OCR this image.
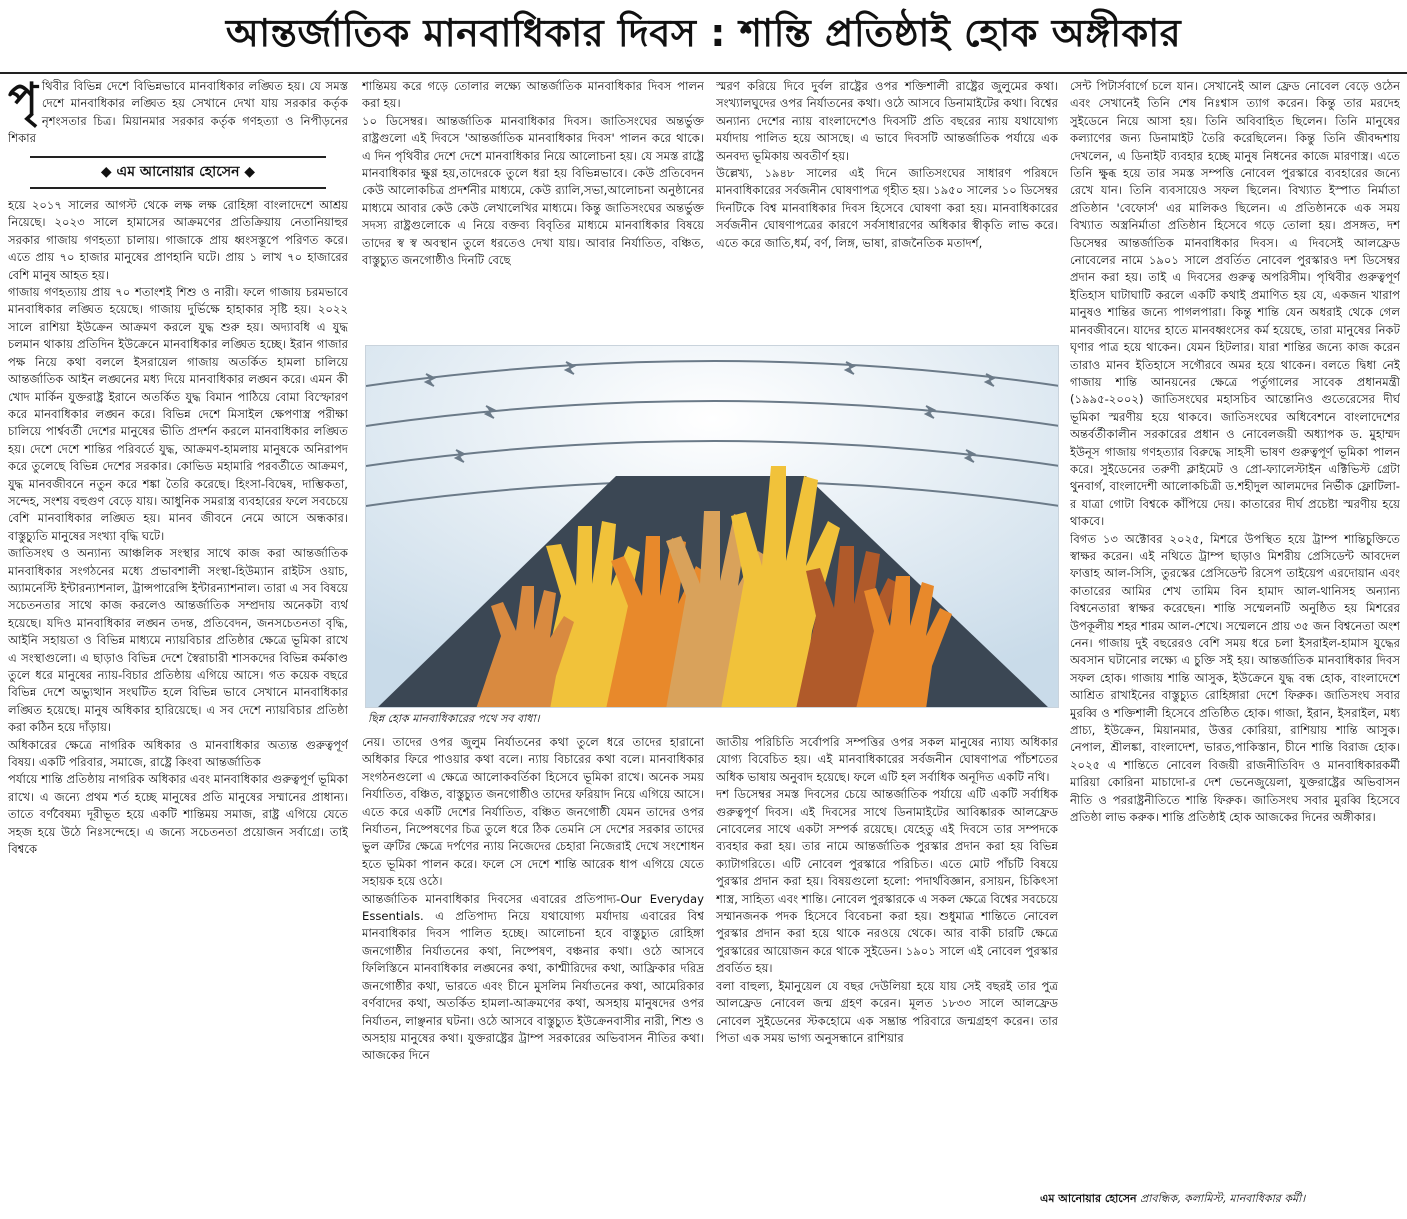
আন্তর্জাতিক মানবাধিকার দিবস : শান্তি প্রতিষ্ঠাই হোক অঙ্গীকার

পৃথিবীর বিভিন্ন দেশে বিভিন্নভাবে মানবাধিকার লঙ্ঘিত হয়। যে সমস্ত দেশে মানবাধিকার লঙ্ঘিত হয় সেখানে দেখা যায় সরকার কর্তৃক নৃশংসতার চিত্র। মিয়ানমার সরকার কর্তৃক গণহত্যা ও নিপীড়নের শিকার

◆ এম আনোয়ার হোসেন ◆

হয়ে ২০১৭ সালের আগস্ট থেকে লক্ষ লক্ষ রোহিঙ্গা বাংলাদেশে আশ্রয় নিয়েছে। ২০২৩ সালে হামাসের আক্রমণের প্রতিক্রিয়ায় নেতানিয়াহুর সরকার গাজায় গণহত্যা চালায়। গাজাকে প্রায় ধ্বংসস্তূপে পরিণত করে। এতে প্রায় ৭০ হাজার মানুষের প্রাণহানি ঘটে। প্রায় ১ লাখ ৭০ হাজারের বেশি মানুষ আহত হয়।

গাজায় গণহত্যায় প্রায় ৭০ শতাংশই শিশু ও নারী। ফলে গাজায় চরমভাবে মানবাধিকার লঙ্ঘিত হয়েছে। গাজায় দুর্ভিক্ষে হাহাকার সৃষ্টি হয়। ২০২২ সালে রাশিয়া ইউক্রেন আক্রমণ করলে যুদ্ধ শুরু হয়। অদ্যাবধি এ যুদ্ধ চলমান থাকায় প্রতিদিন ইউক্রেনে মানবাধিকার লঙ্ঘিত হচ্ছে। ইরান গাজার পক্ষ নিয়ে কথা বললে ইসরায়েল গাজায় অতর্কিত হামলা চালিয়ে আন্তর্জাতিক আইন লঙ্ঘনের মধ্য দিয়ে মানবাধিকার লঙ্ঘন করে। এমন কী খোদ মার্কিন যুক্তরাষ্ট্র ইরানে অতর্কিত যুদ্ধ বিমান পাঠিয়ে বোমা বিস্ফোরণ করে মানবাধিকার লঙ্ঘন করে। বিভিন্ন দেশে মিসাইল ক্ষেপণাস্ত্র পরীক্ষা চালিয়ে পার্শ্ববর্তী দেশের মানুষের ভীতি প্রদর্শন করলে মানবাধিকার লঙ্ঘিত হয়। দেশে দেশে শান্তির পরিবর্তে যুদ্ধ, আক্রমণ-হামলায় মানুষকে অনিরাপদ করে তুলেছে বিভিন্ন দেশের সরকার। কোভিড মহামারি পরবর্তীতে আক্রমণ, যুদ্ধ মানবজীবনে নতুন করে শঙ্কা তৈরি করেছে। হিংসা-বিদ্বেষ, দাম্ভিকতা, সন্দেহ, সংশয় বহুগুণ বেড়ে যায়। আধুনিক সমরাস্ত্র ব্যবহারের ফলে সবচেয়ে বেশি মানবাধিকার লঙ্ঘিত হয়। মানব জীবনে নেমে আসে অন্ধকার। বাস্তুচ্যুতি মানুষের সংখ্যা বৃদ্ধি ঘটে।

জাতিসংঘ ও অন্যান্য আঞ্চলিক সংস্থার সাথে কাজ করা আন্তর্জাতিক মানবাধিকার সংগঠনের মধ্যে প্রভাবশালী সংস্থা-হিউম্যান রাইটস ওয়াচ, অ্যামনেস্টি ইন্টারন্যাশনাল, ট্রান্সপারেন্সি ইন্টারন্যাশনাল। তারা এ সব বিষয়ে সচেতনতার সাথে কাজ করলেও আন্তর্জাতিক সম্প্রদায় অনেকটা ব্যর্থ হয়েছে। যদিও মানবাধিকার লঙ্ঘন তদন্ত, প্রতিবেদন, জনসচেতনতা বৃদ্ধি, আইনি সহায়তা ও বিভিন্ন মাধ্যমে ন্যায়বিচার প্রতিষ্ঠার ক্ষেত্রে ভূমিকা রাখে এ সংস্থাগুলো। এ ছাড়াও বিভিন্ন দেশে স্বৈরাচারী শাসকদের বিভিন্ন কর্মকাণ্ড তুলে ধরে মানুষের ন্যায়-বিচার প্রতিষ্ঠায় এগিয়ে আসে। গত কয়েক বছরে বিভিন্ন দেশে অভ্যুত্থান সংঘটিত হলে বিভিন্ন ভাবে সেখানে মানবাধিকার লঙ্ঘিত হয়েছে। মানুষ অধিকার হারিয়েছে। এ সব দেশে ন্যায়বিচার প্রতিষ্ঠা করা কঠিন হয়ে দাঁড়ায়।

অধিকারের ক্ষেত্রে নাগরিক অধিকার ও মানবাধিকার অত্যন্ত গুরুত্বপূর্ণ বিষয়। একটি পরিবার, সমাজে, রাষ্ট্রে কিংবা আন্তর্জাতিক

পর্যায়ে শান্তি প্রতিষ্ঠায় নাগরিক অধিকার এবং মানবাধিকার গুরুত্বপূর্ণ ভূমিকা রাখে। এ জন্যে প্রথম শর্ত হচ্ছে মানুষের প্রতি মানুষের সম্মানের প্রাধান্য। তাতে বর্ণবৈষম্য দূরীভূত হয়ে একটি শান্তিময় সমাজ, রাষ্ট্র এগিয়ে যেতে সহজ হয়ে উঠে নিঃসন্দেহে। এ জন্যে সচেতনতা প্রয়োজন সর্বাগ্রে। তাই বিশ্বকে

শান্তিময় করে গড়ে তোলার লক্ষ্যে আন্তর্জাতিক মানবাধিকার দিবস পালন করা হয়।

১০ ডিসেম্বর। আন্তর্জাতিক মানবাধিকার দিবস। জাতিসংঘের অন্তর্ভুক্ত রাষ্ট্রগুলো এই দিবসে 'আন্তর্জাতিক মানবাধিকার দিবস' পালন করে থাকে। এ দিন পৃথিবীর দেশে দেশে মানবাধিকার নিয়ে আলোচনা হয়। যে সমস্ত রাষ্ট্রে মানবাধিকার ক্ষুণ্ণ হয়,তাদেরকে তুলে ধরা হয় বিভিন্নভাবে। কেউ প্রতিবেদন কেউ আলোকচিত্র প্রদর্শনীর মাধ্যমে, কেউ র‍্যালি,সভা,আলোচনা অনুষ্ঠানের মাধ্যমে আবার কেউ কেউ লেখালেখির মাধ্যমে। কিন্তু জাতিসংঘের অন্তর্ভুক্ত সদস্য রাষ্ট্রগুলোকে এ নিয়ে বক্তব্য বিবৃতির মাধ্যমে মানবাধিকার বিষয়ে তাদের স্ব স্ব অবস্থান তুলে ধরতেও দেখা যায়। আবার নির্যাতিত, বঞ্চিত, বাস্তুচ্যুত জনগোষ্ঠীও দিনটি বেছে

স্মরণ করিয়ে দিবে দুর্বল রাষ্ট্রের ওপর শক্তিশালী রাষ্ট্রের জুলুমের কথা। সংখ্যালঘুদের ওপর নির্যাতনের কথা। ওঠে আসবে ডিনামাইটের কথা। বিশ্বের অন্যান্য দেশের ন্যায় বাংলাদেশেও দিবসটি প্রতি বছরের ন্যায় যথাযোগ্য মর্যাদায় পালিত হয়ে আসছে। এ ভাবে দিবসটি আন্তর্জাতিক পর্যায়ে এক অনবদ্য ভূমিকায় অবতীর্ণ হয়।

উল্লেখ্য, ১৯৪৮ সালের এই দিনে জাতিসংঘের সাধারণ পরিষদে মানবাধিকারের সর্বজনীন ঘোষণাপত্র গৃহীত হয়। ১৯৫০ সালের ১০ ডিসেম্বর দিনটিকে বিশ্ব মানবাধিকার দিবস হিসেবে ঘোষণা করা হয়। মানবাধিকারের সর্বজনীন ঘোষণাপত্রের কারণে সর্বসাধারণের অধিকার স্বীকৃতি লাভ করে। এতে করে জাতি,ধর্ম, বর্ণ, লিঙ্গ, ভাষা, রাজনৈতিক মতাদর্শ,

সেন্ট পিটার্সবার্গে চলে যান। সেখানেই আল ফ্রেড নোবেল বেড়ে ওঠেন এবং সেখানেই তিনি শেষ নিঃশ্বাস ত্যাগ করেন। কিন্তু তার মরদেহ সুইডেনে নিয়ে আসা হয়। তিনি অবিবাহিত ছিলেন। তিনি মানুষের কল্যাণের জন্য ডিনামাইট তৈরি করেছিলেন। কিন্তু তিনি জীবদ্দশায় দেখলেন, এ ডিনাইট ব্যবহার হচ্ছে মানুষ নিধনের কাজে মারণাস্ত্র। এতে তিনি ক্ষুব্ধ হয়ে তার সমস্ত সম্পত্তি নোবেল পুরস্কারে ব্যবহারের জন্যে রেখে যান। তিনি ব্যবসায়েও সফল ছিলেন। বিখ্যাত ইস্পাত নির্মাতা প্রতিষ্ঠান 'বেফোর্স' এর মালিকও ছিলেন। এ প্রতিষ্ঠানকে এক সময় বিখ্যাত অস্ত্রনির্মাতা প্রতিষ্ঠান হিসেবে গড়ে তোলা হয়। প্রসঙ্গত, দশ ডিসেম্বর আন্তর্জাতিক মানবাধিকার দিবস। এ দিবসেই আলফ্রেড নোবেলের নামে ১৯০১ সালে প্রবর্তিত নোবেল পুরস্কারও দশ ডিসেম্বর প্রদান করা হয়। তাই এ দিবসের গুরুত্ব অপরিসীম। পৃথিবীর গুরুত্বপূর্ণ ইতিহাস ঘাটাঘাটি করলে একটি কথাই প্রমাণিত হয় যে, একজন খারাপ মানুষও শান্তির জন্যে পাগলপারা। কিন্তু শান্তি যেন অধরাই থেকে গেল মানবজীবনে। যাদের হাতে মানবধ্বংসের কর্ম হয়েছে, তারা মানুষের নিকট ঘৃণার পাত্র হয়ে থাকেন। যেমন হিটলার। যারা শান্তির জন্যে কাজ করেন তারাও মানব ইতিহাসে সগৌরবে অমর হয়ে থাকেন। বলতে দ্বিধা নেই গাজায় শান্তি আনয়নের ক্ষেত্রে পর্তুগালের সাবেক প্রধানমন্ত্রী (১৯৯৫-২০০২) জাতিসংঘের মহাসচিব আন্তোনিও গুতেরেসের দীর্ঘ ভূমিকা স্মরণীয় হয়ে থাকবে। জাতিসংঘের অধিবেশনে বাংলাদেশের অন্তর্বর্তীকালীন সরকারের প্রধান ও নোবেলজয়ী অধ্যাপক ড. মুহাম্মদ ইউনূস গাজায় গণহত্যার বিরুদ্ধে সাহসী ভাষণ গুরুত্বপূর্ণ ভূমিকা পালন করে। সুইডেনের তরুণী ক্লাইমেট ও প্রো-ফ্যালেস্টাইন এক্টিভিস্ট গ্রেটা থুনবার্গ, বাংলাদেশী আলোকচিত্রী ড.শহীদুল আলমদের নির্ভীক ফ্লোটিলা-র যাত্রা গোটা বিশ্বকে কাঁপিয়ে দেয়। কাতারের দীর্ঘ প্রচেষ্টা স্মরণীয় হয়ে থাকবে।

বিগত ১৩ অক্টোবর ২০২৫, মিশরে উপস্থিত হয়ে ট্রাম্প শান্তিচুক্তিতে স্বাক্ষর করেন। এই নথিতে ট্রাম্প ছাড়াও মিশরীয় প্রেসিডেন্ট আবদেল ফাত্তাহ আল-সিসি, তুরস্কের প্রেসিডেন্ট রিসেপ তাইয়েপ এরদোয়ান এবং কাতারের আমির শেখ তামিম বিন হামাদ আল-থানিসহ অন্যান্য বিশ্বনেতারা স্বাক্ষর করেছেন। শান্তি সম্মেলনটি অনুষ্ঠিত হয় মিশরের উপকূলীয় শহর শারম আল-শেখে। সম্মেলনে প্রায় ৩৫ জন বিশ্বনেতা অংশ নেন। গাজায় দুই বছরেরও বেশি সময় ধরে চলা ইসরাইল-হামাস যুদ্ধের অবসান ঘটানোর লক্ষ্যে এ চুক্তি সই হয়। আন্তর্জাতিক মানবাধিকার দিবস সফল হোক। গাজায় শান্তি আসুক, ইউক্রেনে যুদ্ধ বন্ধ হোক, বাংলাদেশে আশ্রিত রাখাইনের বাস্তুচ্যুত রোহিঙ্গারা দেশে ফিরুক। জাতিসংঘ সবার মুরব্বি ও শক্তিশালী হিসেবে প্রতিষ্ঠিত হোক। গাজা, ইরান, ইসরাইল, মধ্য প্রাচ্য, ইউক্রেন, মিয়ানমার, উত্তর কোরিয়া, রাশিয়ায় শান্তি আসুক। নেপাল, শ্রীলঙ্কা, বাংলাদেশ, ভারত,পাকিস্তান, চীনে শান্তি বিরাজ হোক। ২০২৫ এ শান্তিতে নোবেল বিজয়ী রাজনীতিবিদ ও মানবাধিকারকর্মী মারিয়া কোরিনা মাচাদো-র দেশ ভেনেজুয়েলা, যুক্তরাষ্ট্রের অভিবাসন নীতি ও পররাষ্ট্রনীতিতে শান্তি ফিরুক। জাতিসংঘ সবার মুরব্বি হিসেবে প্রতিষ্ঠা লাভ করুক। শান্তি প্রতিষ্ঠাই হোক আজকের দিনের অঙ্গীকার।

ছিন্ন হোক মানবাধিকারের পথে সব বাধা।

নেয়। তাদের ওপর জুলুম নির্যাতনের কথা তুলে ধরে তাদের হারানো অধিকার ফিরে পাওয়ার কথা বলে। ন্যায় বিচারের কথা বলে। মানবাধিকার সংগঠনগুলো এ ক্ষেত্রে আলোকবর্তিকা হিসেবে ভূমিকা রাখে। অনেক সময় নির্যাতিত, বঞ্চিত, বাস্তুচ্যুত জনগোষ্ঠীও তাদের ফরিয়াদ নিয়ে এগিয়ে আসে। এতে করে একটি দেশের নির্যাতিত, বঞ্চিত জনগোষ্ঠী যেমন তাদের ওপর নির্যাতন, নিষ্পেষণের চিত্র তুলে ধরে ঠিক তেমনি সে দেশের সরকার তাদের ভুল ত্রুটির ক্ষেত্রে দর্পণের ন্যায় নিজেদের চেহারা নিজেরাই দেখে সংশোধন হতে ভূমিকা পালন করে। ফলে সে দেশে শান্তি আরেক ধাপ এগিয়ে যেতে সহায়ক হয়ে ওঠে।

আন্তর্জাতিক মানবাধিকার দিবসের এবারের প্রতিপাদ্য-Our Everyday Essentials. এ প্রতিপাদ্য নিয়ে যথাযোগ্য মর্যাদায় এবারের বিশ্ব মানবাধিকার দিবস পালিত হচ্ছে। আলোচনা হবে বাস্তুচ্যুত রোহিঙ্গা জনগোষ্ঠীর নির্যাতনের কথা, নিষ্পেষণ, বঞ্চনার কথা। ওঠে আসবে ফিলিস্তিনে মানবাধিকার লঙ্ঘনের কথা, কাশ্মীরিদের কথা, আফ্রিকার দরিদ্র জনগোষ্ঠীর কথা, ভারতে এবং চীনে মুসলিম নির্যাতনের কথা, আমেরিকার বর্ণবাদের কথা, অতর্কিত হামলা-আক্রমণের কথা, অসহায় মানুষদের ওপর নির্যাতন, লাঞ্ছনার ঘটনা। ওঠে আসবে বাস্তুচ্যুত ইউক্রেনবাসীর নারী, শিশু ও অসহায় মানুষের কথা। যুক্তরাষ্ট্রের ট্রাম্প সরকারের অভিবাসন নীতির কথা। আজকের দিনে

জাতীয় পরিচিতি সর্বোপরি সম্পত্তির ওপর সকল মানুষের ন্যায্য অধিকার যোগ্য বিবেচিত হয়। এই মানবাধিকারের সর্বজনীন ঘোষণাপত্র পাঁচশতের অধিক ভাষায় অনুবাদ হয়েছে। ফলে এটি হল সর্বাধিক অনূদিত একটি নথি।

দশ ডিসেম্বর সমস্ত দিবসের চেয়ে আন্তর্জাতিক পর্যায়ে এটি একটি সর্বাধিক গুরুত্বপূর্ণ দিবস। এই দিবসের সাথে ডিনামাইটের আবিষ্কারক আলফ্রেড নোবেলের সাথে একটা সম্পর্ক রয়েছে। যেহেতু এই দিবসে তার সম্পদকে ব্যবহার করা হয়। তার নামে আন্তর্জাতিক পুরস্কার প্রদান করা হয় বিভিন্ন ক্যাটাগরিতে। এটি নোবেল পুরস্কারে পরিচিত। এতে মোট পাঁচটি বিষয়ে পুরস্কার প্রদান করা হয়। বিষয়গুলো হলো: পদার্থবিজ্ঞান, রসায়ন, চিকিৎসা শাস্ত্র, সাহিত্য এবং শান্তি। নোবেল পুরস্কারকে এ সকল ক্ষেত্রে বিশ্বের সবচেয়ে সম্মানজনক পদক হিসেবে বিবেচনা করা হয়। শুধুমাত্র শান্তিতে নোবেল পুরস্কার প্রদান করা হয়ে থাকে নরওয়ে থেকে। আর বাকী চারটি ক্ষেত্রে পুরস্কারের আয়োজন করে থাকে সুইডেন। ১৯০১ সালে এই নোবেল পুরস্কার প্রবর্তিত হয়।

বলা বাহুল্য, ইমানুয়েল যে বছর দেউলিয়া হয়ে যায় সেই বছরই তার পুত্র আলফ্রেড নোবেল জন্ম গ্রহণ করেন। মূলত ১৮৩৩ সালে আলফ্রেড নোবেল সুইডেনের স্টকহোমে এক সম্ভ্রান্ত পরিবারে জন্মগ্রহণ করেন। তার পিতা এক সময় ভাগ্য অনুসন্ধানে রাশিয়ার

এম আনোয়ার হোসেন প্রাবন্ধিক, কলামিস্ট, মানবাধিকার কর্মী।
